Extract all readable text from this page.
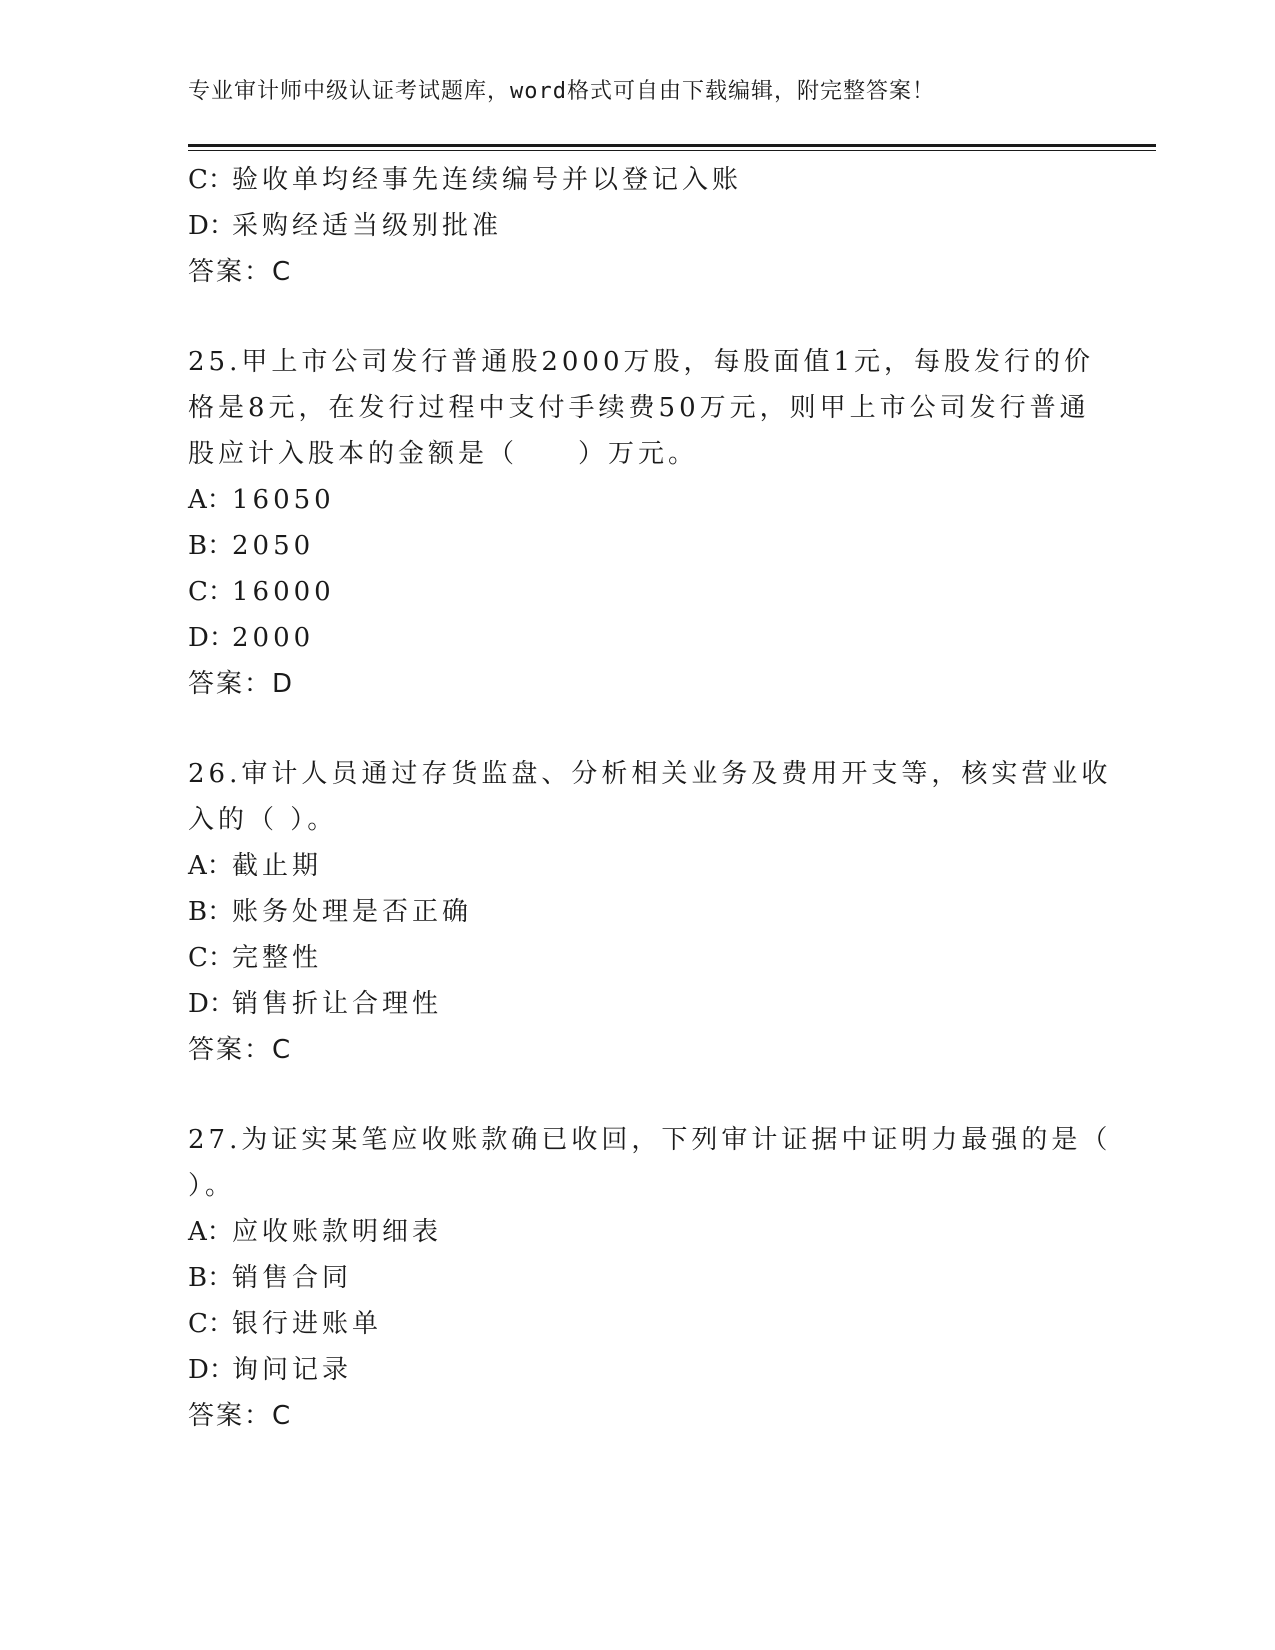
专业审计师中级认证考试题库，word格式可自由下载编辑，附完整答案！
C：
验收单均经事先连续编号并以登记入账
D：
采购经适当级别批准
答案：C
25.甲上市公司发行普通股2000万股，每股面值1元，每股发行的价
格是8元，在发行过程中支付手续费50万元，则甲上市公司发行普通
股应计入股本的金额是（　　）万元。
A： 16050
B：
2050
C：
16000
D：
2000
答案：D
26.审计人员通过存货监盘、分析相关业务及费用开支等，核实营业收
入的（ ）。
A： 截止期
B：
账务处理是否正确
C：
完整性
D：
销售折让合理性
答案：C
27.为证实某笔应收账款确已收回，下列审计证据中证明力最强的是（
）。
A： 应收账款明细表
B：
销售合同
C：
银行进账单
D：
询问记录
答案：C
